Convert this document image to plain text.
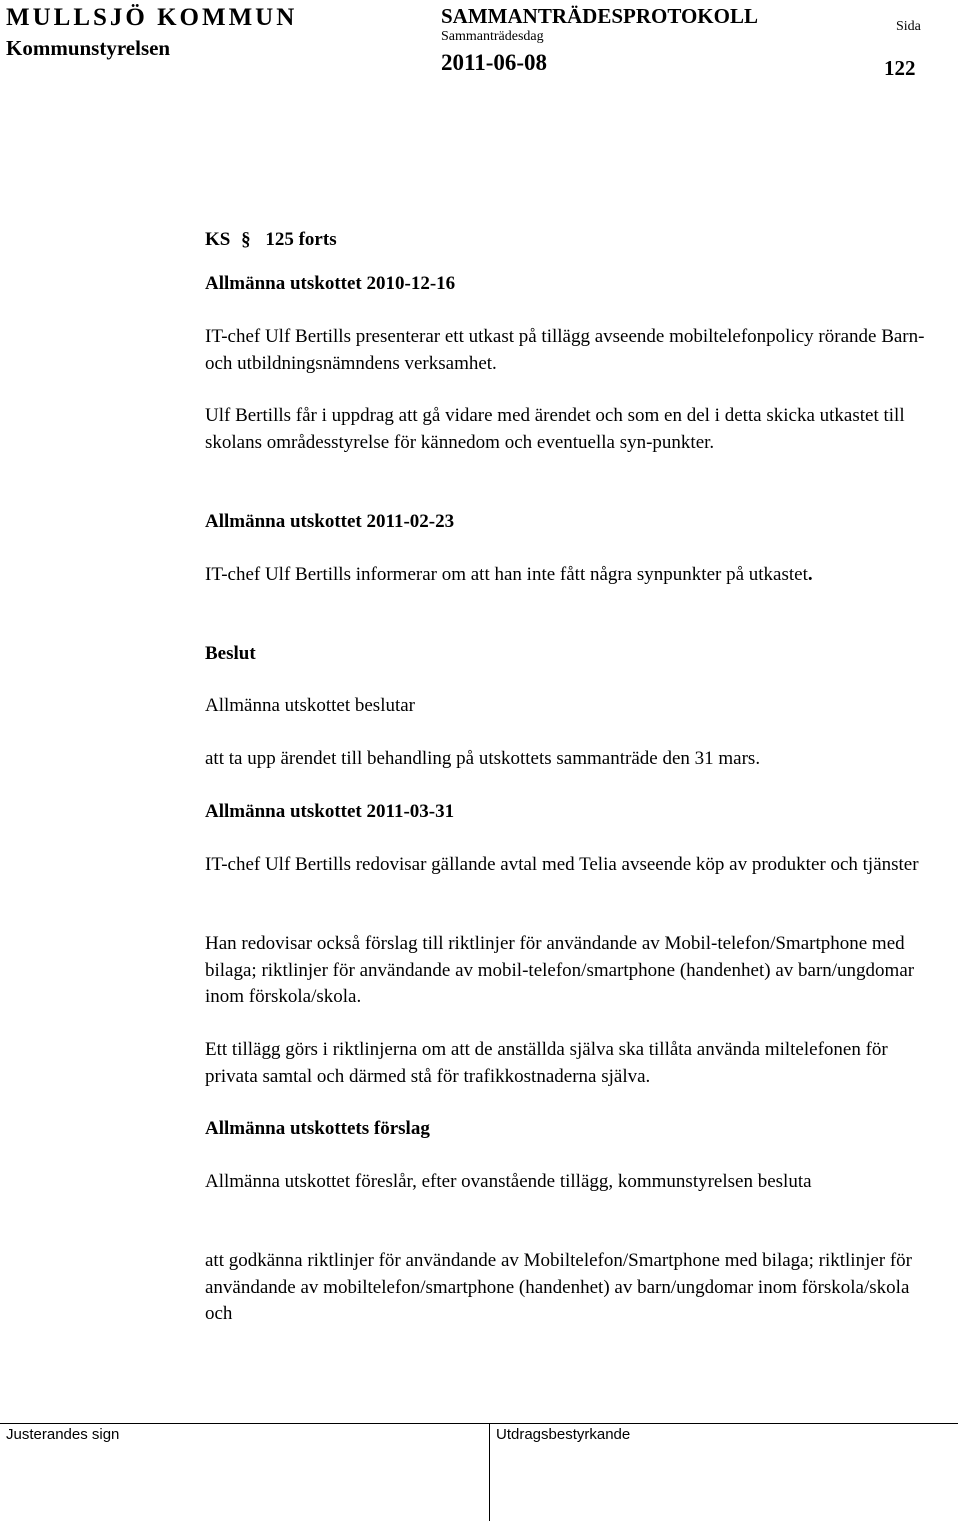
MULLSJÖ KOMMUN
Kommunstyrelsen
SAMMANTRÄDESPROTOKOLL
Sammanträdesdag
2011-06-08
Sida
122
KS § 125 forts
Allmänna utskottet 2010-12-16
IT-chef Ulf Bertills presenterar ett utkast på tillägg avseende mobiltelefonpolicy rörande Barn- och utbildningsnämndens verksamhet.
Ulf Bertills får i uppdrag att gå vidare med ärendet och som en del i detta skicka utkastet till skolans områdesstyrelse för kännedom och eventuella syn-punkter.
Allmänna utskottet 2011-02-23
IT-chef Ulf Bertills informerar om att han inte fått några synpunkter på utkastet.
Beslut
Allmänna utskottet beslutar
att ta upp ärendet till behandling på utskottets sammanträde den 31 mars.
Allmänna utskottet 2011-03-31
IT-chef Ulf Bertills redovisar gällande avtal med Telia avseende köp av produkter och tjänster
Han redovisar också förslag till riktlinjer för användande av Mobil-telefon/Smartphone med bilaga; riktlinjer för användande av mobil-telefon/smartphone (handenhet) av barn/ungdomar inom förskola/skola.
Ett tillägg görs i riktlinjerna om att de anställda själva ska tillåta använda miltelefonen för privata samtal och därmed stå för trafikkostnaderna själva.
Allmänna utskottets förslag
Allmänna utskottet föreslår, efter ovanstående tillägg, kommunstyrelsen besluta
att godkänna riktlinjer för användande av Mobiltelefon/Smartphone med bilaga; riktlinjer för användande av mobiltelefon/smartphone (handenhet) av barn/ungdomar inom förskola/skola och
Justerandes sign	Utdragsbestyrkande
